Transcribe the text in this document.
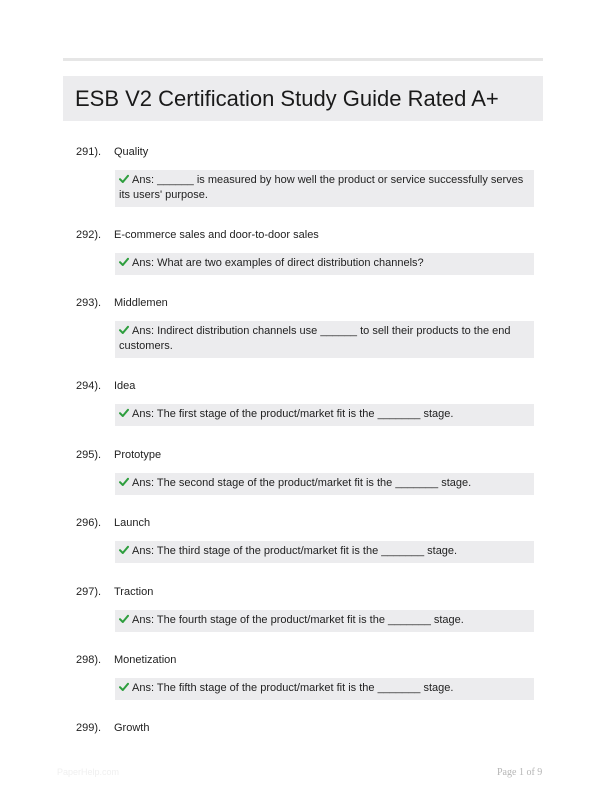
ESB V2 Certification Study Guide Rated A+
291). Quality
292). E-commerce sales and door-to-door sales
293). Middlemen
294). Idea
295). Prototype
296). Launch
297). Traction
298). Monetization
299). Growth
PaperHelp.com	Page 1 of 9
Ans: ______ is measured by how well the product or service successfully serves its users' purpose.
Ans: What are two examples of direct distribution channels?
Ans: Indirect distribution channels use ______ to sell their products to the end customers.
Ans: The first stage of the product/market fit is the _______ stage.
Ans: The second stage of the product/market fit is the _______ stage.
Ans: The third stage of the product/market fit is the _______ stage.
Ans: The fourth stage of the product/market fit is the _______ stage.
Ans: The fifth stage of the product/market fit is the _______ stage.
